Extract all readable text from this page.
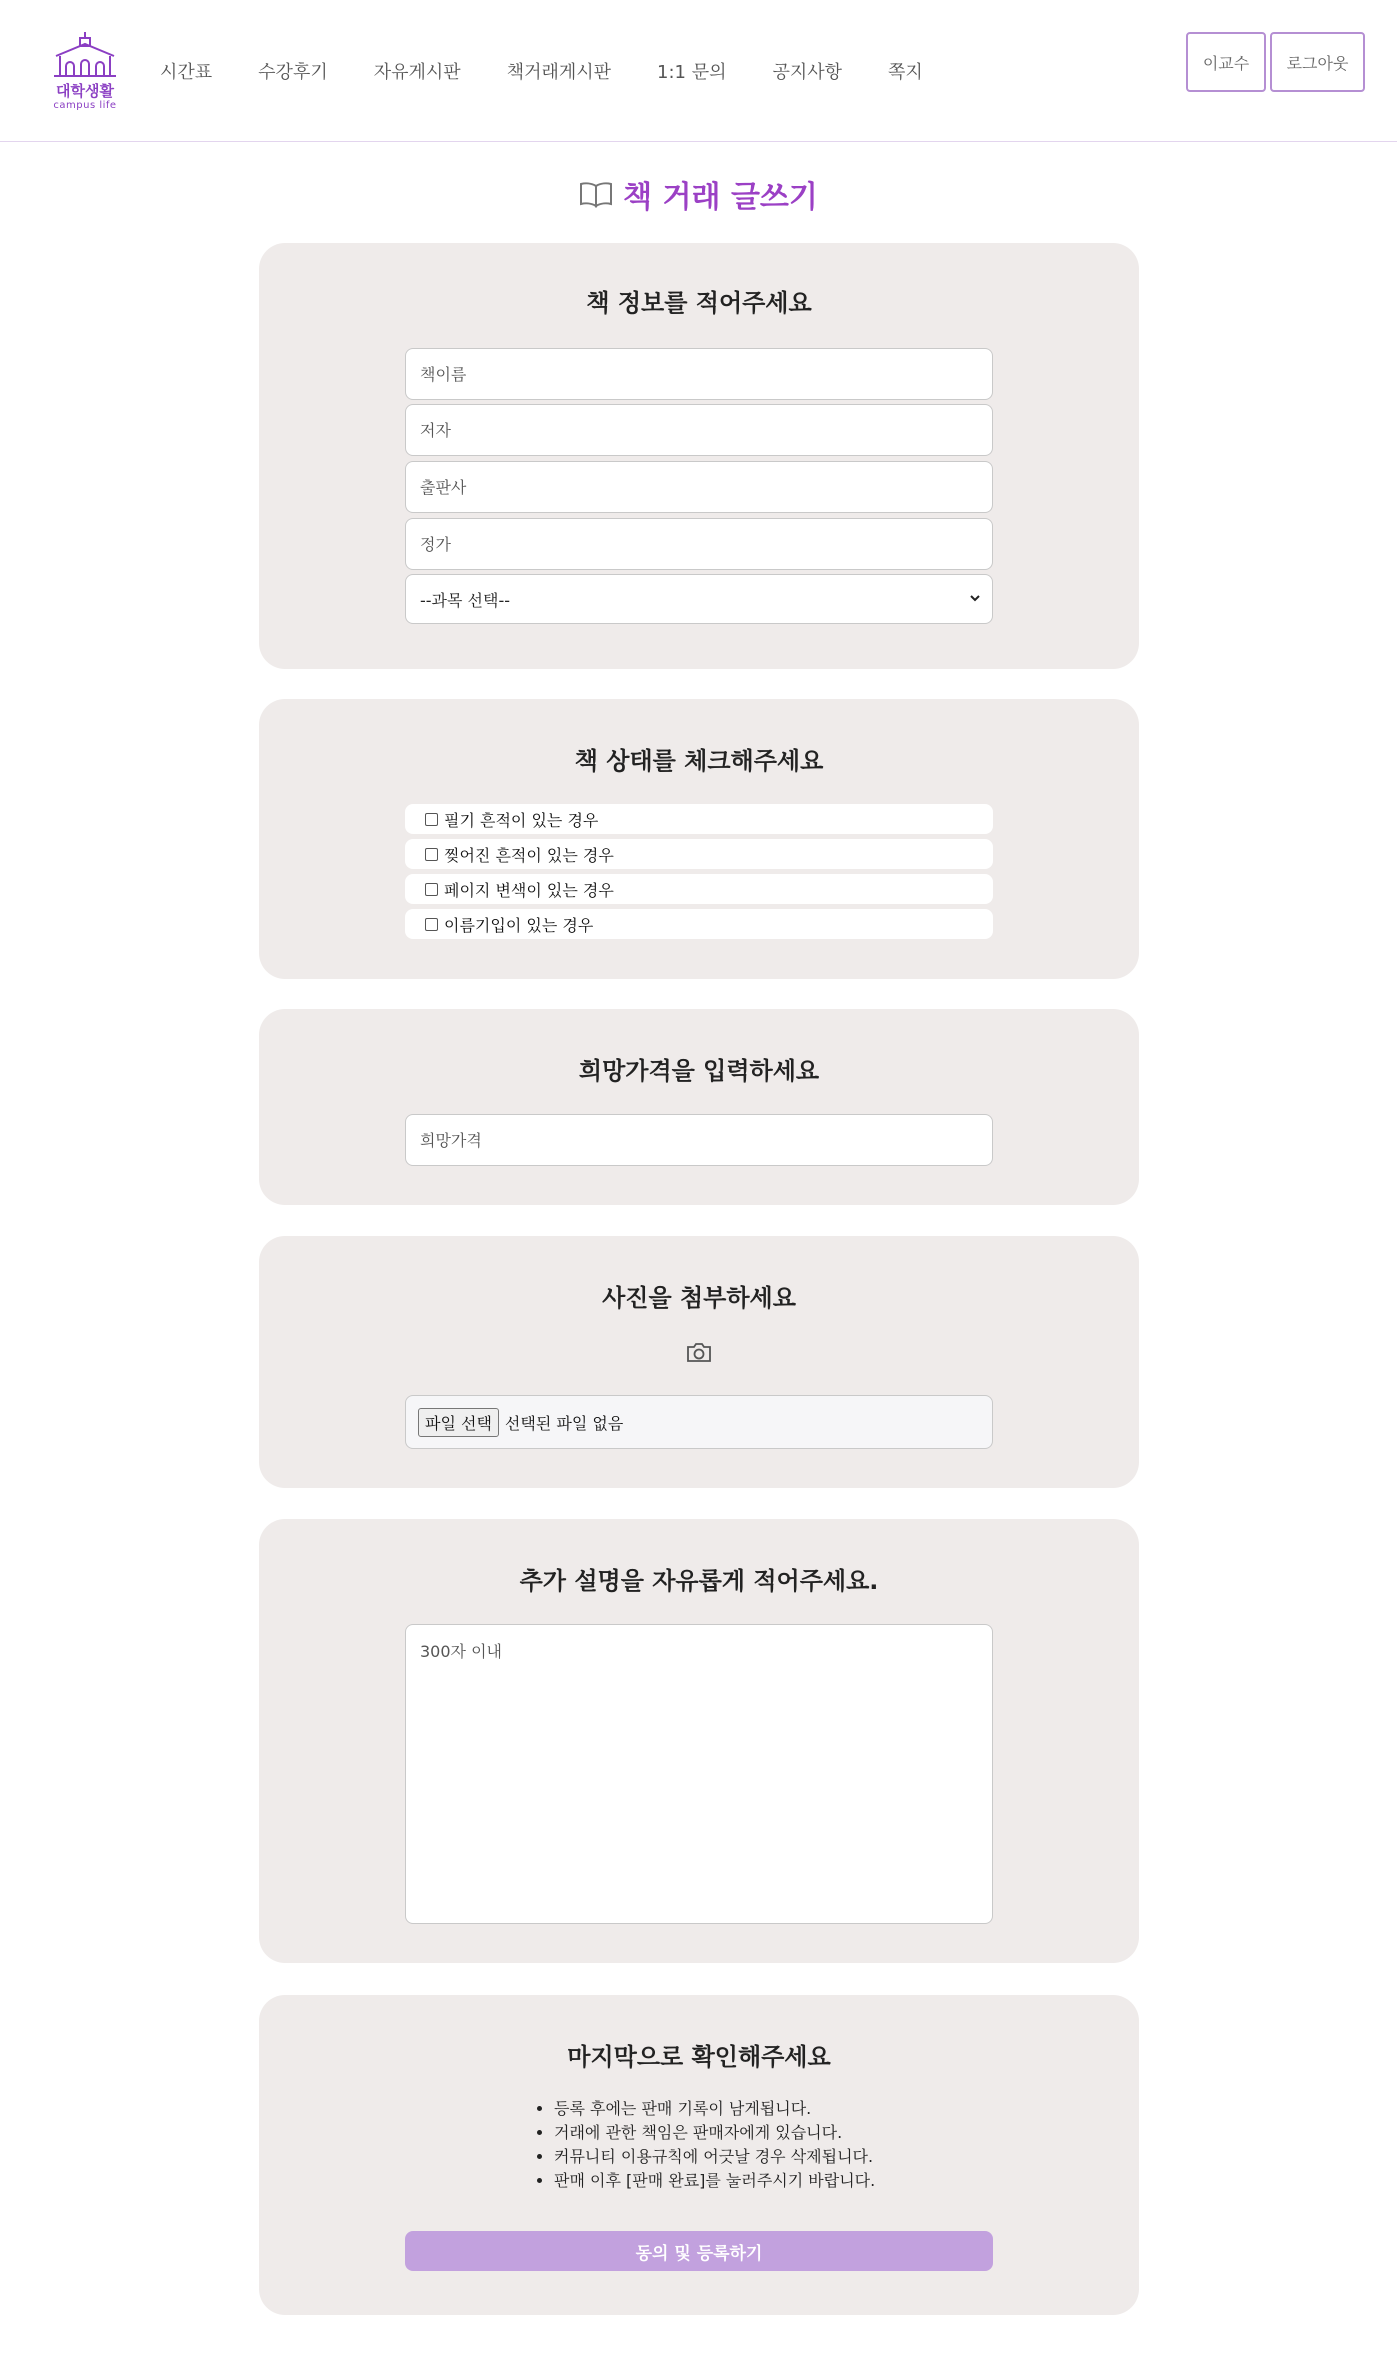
대학생활
campus life
시간표	수강후기	자유게시판	책거래게시판	1:1 문의	공지사항	쪽지	이교수	로그아웃
책 거래 글쓰기
책 정보를 적어주세요
책이름
저자
출판사
정가
--과목 선택--
책 상태를 체크해주세요
필기 흔적이 있는 경우
찢어진 흔적이 있는 경우
페이지 변색이 있는 경우
이름기입이 있는 경우
희망가격을 입력하세요
희망가격
사진을 첨부하세요
파일 선택 선택된 파일 없음
추가 설명을 자유롭게 적어주세요.
300자 이내
마지막으로 확인해주세요
• 등록 후에는 판매 기록이 남게됩니다.
• 거래에 관한 책임은 판매자에게 있습니다.
• 커뮤니티 이용규칙에 어긋날 경우 삭제됩니다.
• 판매 이후 [판매 완료]를 눌러주시기 바랍니다.
동의 및 등록하기
